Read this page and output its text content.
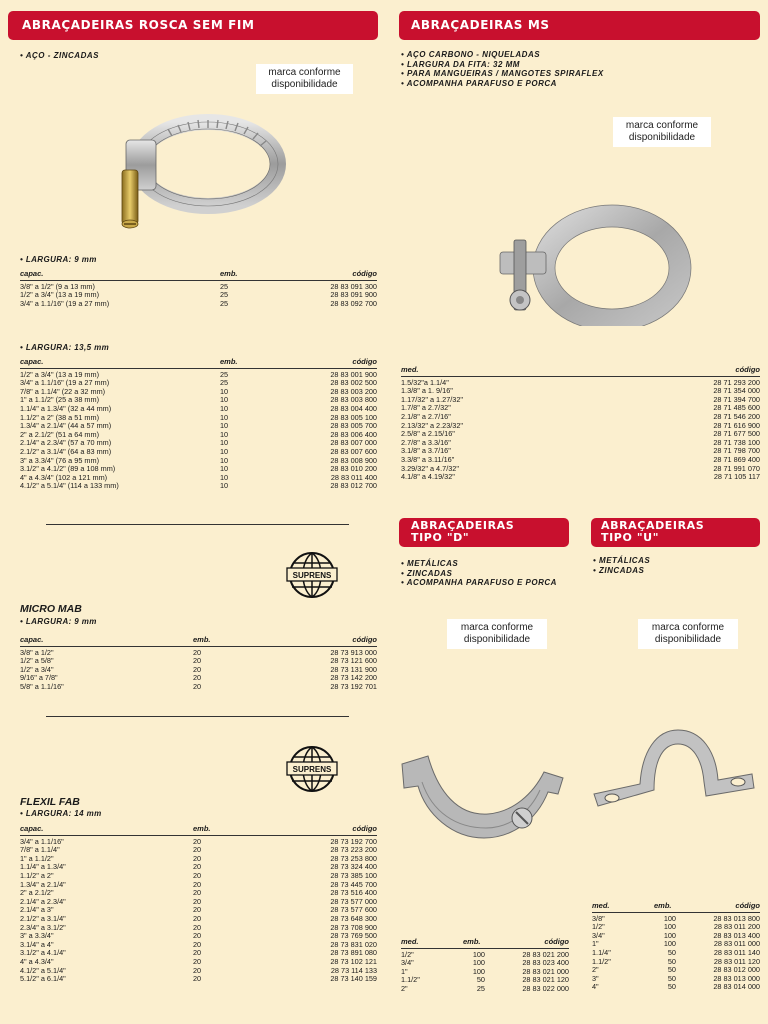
ABRAÇADEIRAS ROSCA SEM FIM	ABRAÇADEIRAS MS
ABRAÇADEIRAS
TIPO "D"
ABRAÇADEIRAS
TIPO "U"
• AÇO - ZINCADAS
•	AÇO CARBONO - NIQUELADAS
• LARGURA DA FITA: 32 MM
• PARA MANGUEIRAS / MANGOTES SPIRAFLEX
• ACOMPANHA PARAFUSO E PORCA
• METÁLICAS
• ZINCADAS
• ACOMPANHA PARAFUSO E PORCA
• METÁLICAS
• ZINCADAS
marca conforme
disponibilidade
marca conforme
disponibilidade
marca conforme
disponibilidade
marca conforme
disponibilidade
SUPRENS
SUPRENS
• LARGURA: 9 mm
capac.	emb.	código
3/8" a 1/2" (9 a 13 mm)	25	28 83 091 300
1/2" a 3/4" (13 a 19 mm)	25	28 83 091 900
3/4" a 1.1/16" (19 a 27 mm)	25	28 83 092 700
• LARGURA: 13,5 mm
capac.	emb.	código
1/2" a 3/4" (13 a 19 mm)	25	28 83 001 900
3/4" a 1.1/16" (19 a 27 mm)	25	28 83 002 500
7/8" a 1.1/4" (22 a 32 mm)	10	28 83 003 200
1" a 1.1/2" (25 a 38 mm)	10	28 83 003 800
1.1/4" a 1.3/4" (32 a 44 mm)	10	28 83 004 400
1.1/2" a 2" (38 a 51 mm)	10	28 83 005 100
1.3/4" a 2.1/4" (44 a 57 mm)	10	28 83 005 700
2" a 2.1/2" (51 a 64 mm)	10	28 83 006 400
2.1/4" a 2.3/4" (57 a 70 mm)	10	28 83 007 000
2.1/2" a 3.1/4" (64 a 83 mm)	10	28 83 007 600
3" a 3.3/4" (76 a 95 mm)	10	28 83 008 900
3.1/2" a 4.1/2" (89 a 108 mm)	10	28 83 010 200
4" a 4.3/4" (102 a 121 mm)	10	28 83 011 400
4.1/2" a 5.1/4" (114 a 133 mm)	10	28 83 012 700
MICRO MAB
• LARGURA: 9 mm
capac.	emb.	código
3/8" a 1/2"	20	28 73 913 000
1/2" a 5/8"	20	28 73 121 600
1/2" a 3/4"	20	28 73 131 900
9/16" a 7/8"	20	28 73 142 200
5/8" a 1.1/16"	20	28 73 192 701
FLEXIL FAB
• LARGURA: 14 mm
capac.	emb.	código
3/4" a 1.1/16"	20	28 73 192 700
7/8" a 1.1/4"	20	28 73 223 200
1" a 1.1/2"	20	28 73 253 800
1.1/4" a 1.3/4"	20	28 73 324 400
1.1/2" a 2"	20	28 73 385 100
1.3/4" a 2.1/4"	20	28 73 445 700
2" a 2.1/2"	20	28 73 516 400
2.1/4" a 2.3/4"	20	28 73 577 000
2.1/4" a 3"	20	28 73 577 600
2.1/2" a 3.1/4"	20	28 73 648 300
2.3/4" a 3.1/2"	20	28 73 708 900
3" a 3.3/4"	20	28 73 769 500
3.1/4" a 4"	20	28 73 831 020
3.1/2" a 4.1/4"	20	28 73 891 080
4" a 4.3/4"	20	28 73 102 121
4.1/2" a 5.1/4"	20	28 73 114 133
5.1/2" a 6.1/4"	20	28 73 140 159
med.	código
1.5/32"a 1.1/4"	28 71 293 200
1.3/8" a 1. 9/16"	28 71 354 000
1.17/32" a 1.27/32"	28 71 394 700
1.7/8" a 2.7/32"	28 71 485 600
2.1/8" a 2.7/16"	28 71 546 200
2.13/32" a 2.23/32"	28 71 616 900
2.5/8" a 2.15/16"	28 71 677 500
2.7/8" a 3.3/16"	28 71 738 100
3.1/8" a 3.7/16"	28 71 798 700
3.3/8" a 3.11/16"	28 71 869 400
3.29/32" a 4.7/32"	28 71 991 070
4.1/8" a 4.19/32"	28 71 105 117
med.	emb.	código
1/2"	100	28 83 021 200
3/4"	100	28 83 023 400
1"	100	28 83 021 000
1.1/2"	50	28 83 021 120
2"	25	28 83 022 000
med.	emb.	código
3/8"	100	28 83 013 800
1/2"	100	28 83 011 200
3/4"	100	28 83 013 400
1"	100	28 83 011 000
1.1/4"	50	28 83 011 140
1.1/2"	50	28 83 011 120
2"	50	28 83 012 000
3"	50	28 83 013 000
4"	50	28 83 014 000
